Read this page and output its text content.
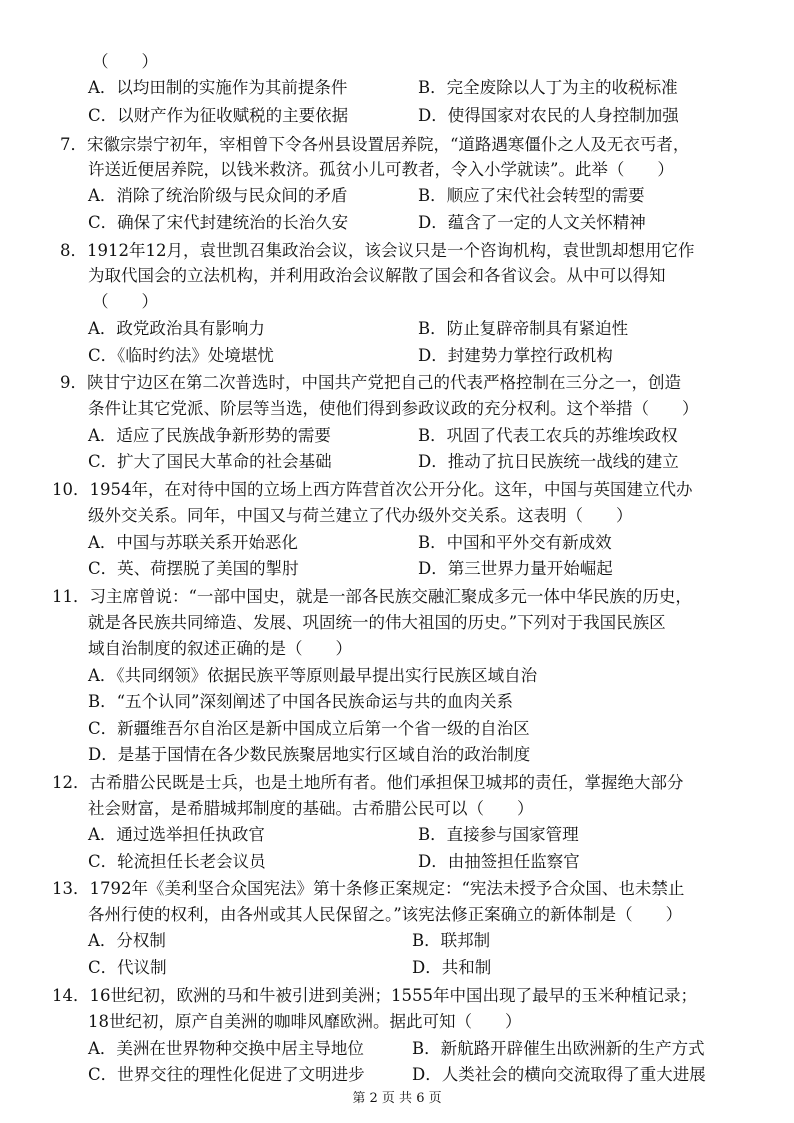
（　　）
A．以均田制的实施作为其前提条件	B．完全废除以人丁为主的收税标准
C．以财产作为征收赋税的主要依据	D．使得国家对农民的人身控制加强
7．宋徽宗崇宁初年，宰相曾下令各州县设置居养院，“道路遇寒僵仆之人及无衣丐者，
许送近便居养院，以钱米救济。孤贫小儿可教者，令入小学就读”。此举（　　）
A．消除了统治阶级与民众间的矛盾	B．顺应了宋代社会转型的需要
C．确保了宋代封建统治的长治久安	D．蕴含了一定的人文关怀精神
8．1912年12月，袁世凯召集政治会议，该会议只是一个咨询机构，袁世凯却想用它作
为取代国会的立法机构，并利用政治会议解散了国会和各省议会。从中可以得知
（　　）
A．政党政治具有影响力	B．防止复辟帝制具有紧迫性
C．《临时约法》处境堪忧	D．封建势力掌控行政机构
9．陕甘宁边区在第二次普选时，中国共产党把自己的代表严格控制在三分之一，创造
条件让其它党派、阶层等当选，使他们得到参政议政的充分权利。这个举措（　　）
A．适应了民族战争新形势的需要	B．巩固了代表工农兵的苏维埃政权
C．扩大了国民大革命的社会基础	D．推动了抗日民族统一战线的建立
10．1954年，在对待中国的立场上西方阵营首次公开分化。这年，中国与英国建立代办
级外交关系。同年，中国又与荷兰建立了代办级外交关系。这表明（　　）
A．中国与苏联关系开始恶化	B．中国和平外交有新成效
C．英、荷摆脱了美国的掣肘	D．第三世界力量开始崛起
11．习主席曾说：“一部中国史，就是一部各民族交融汇聚成多元一体中华民族的历史，
就是各民族共同缔造、发展、巩固统一的伟大祖国的历史。”下列对于我国民族区
域自治制度的叙述正确的是（　　）
A．《共同纲领》依据民族平等原则最早提出实行民族区域自治
B．“五个认同”深刻阐述了中国各民族命运与共的血肉关系
C．新疆维吾尔自治区是新中国成立后第一个省一级的自治区
D．是基于国情在各少数民族聚居地实行区域自治的政治制度
12．古希腊公民既是士兵，也是土地所有者。他们承担保卫城邦的责任，掌握绝大部分
社会财富，是希腊城邦制度的基础。古希腊公民可以（　　）
A．通过选举担任执政官	B．直接参与国家管理
C．轮流担任长老会议员	D．由抽签担任监察官
13．1792年《美利坚合众国宪法》第十条修正案规定：“宪法未授予合众国、也未禁止
各州行使的权利，由各州或其人民保留之。”该宪法修正案确立的新体制是（　　）
A．分权制	B．联邦制
C．代议制	D．共和制
14．16世纪初，欧洲的马和牛被引进到美洲；1555年中国出现了最早的玉米种植记录；
18世纪初，原产自美洲的咖啡风靡欧洲。据此可知（　　）
A．美洲在世界物种交换中居主导地位	B．新航路开辟催生出欧洲新的生产方式
C．世界交往的理性化促进了文明进步	D．人类社会的横向交流取得了重大进展
第 2 页 共 6 页
